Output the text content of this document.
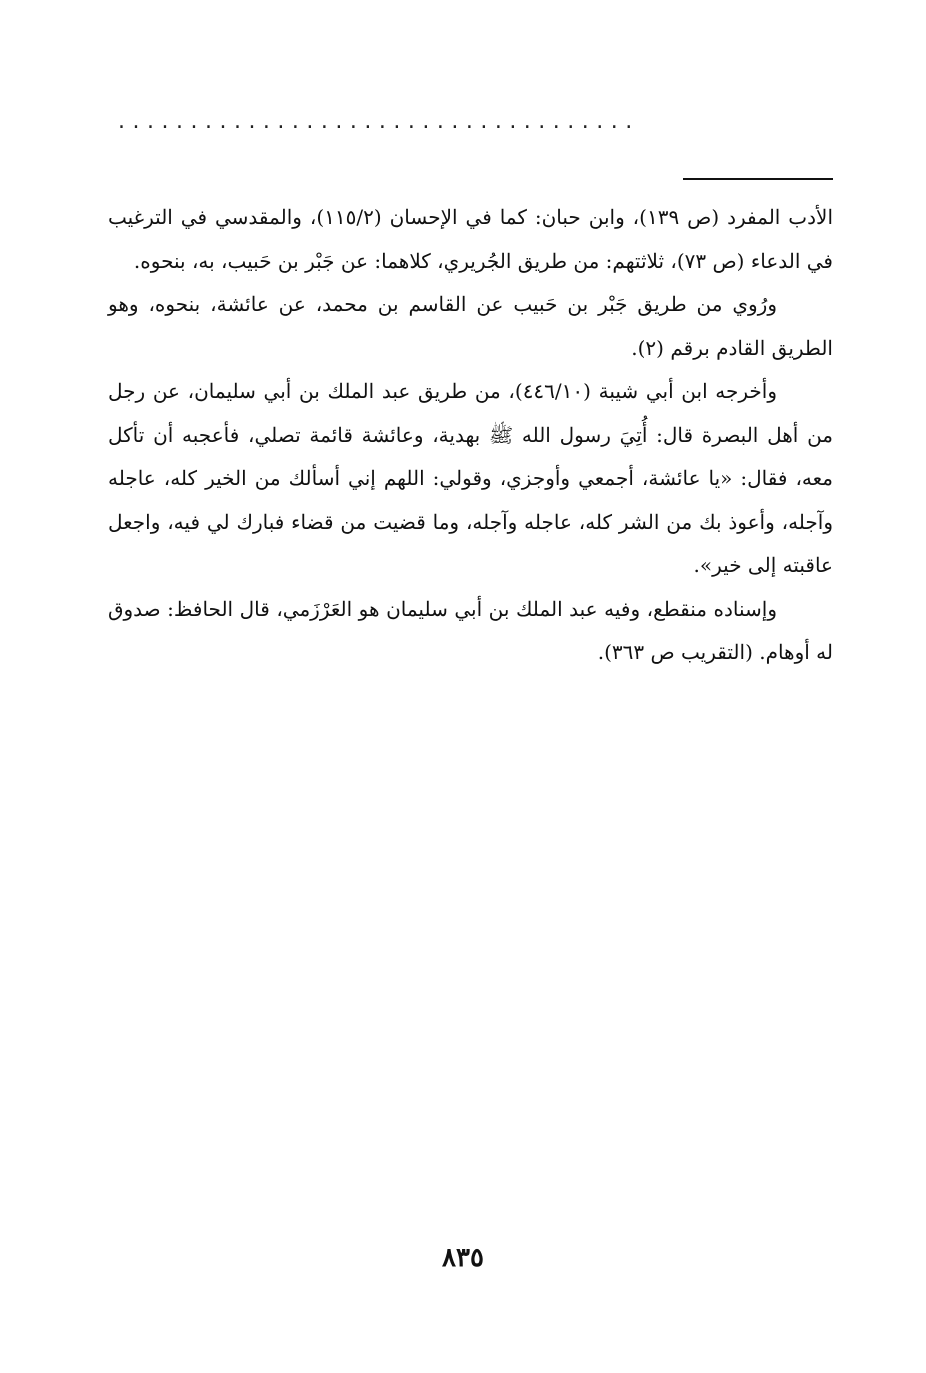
....................................

الأدب المفرد (ص ١٣٩)، وابن حبان: كما في الإحسان (١١٥/٢)، والمقدسي في الترغيب في الدعاء (ص ٧٣)، ثلاثتهم: من طريق الجُريري، كلاهما: عن جَبْر بن حَبيب، به، بنحوه.

ورُوي من طريق جَبْر بن حَبيب عن القاسم بن محمد، عن عائشة، بنحوه، وهو الطريق القادم برقم (٢).

وأخرجه ابن أبي شيبة (٤٤٦/١٠)، من طريق عبد الملك بن أبي سليمان، عن رجل من أهل البصرة قال: أُتِيَ رسول الله ﷺ بهدية، وعائشة قائمة تصلي، فأعجبه أن تأكل معه، فقال: «يا عائشة، أجمعي وأوجزي، وقولي: اللهم إني أسألك من الخير كله، عاجله وآجله، وأعوذ بك من الشر كله، عاجله وآجله، وما قضيت من قضاء فبارك لي فيه، واجعل عاقبته إلى خير».

وإسناده منقطع، وفيه عبد الملك بن أبي سليمان هو العَرْزَمي، قال الحافظ: صدوق له أوهام. (التقريب ص ٣٦٣).

٨٣٥
